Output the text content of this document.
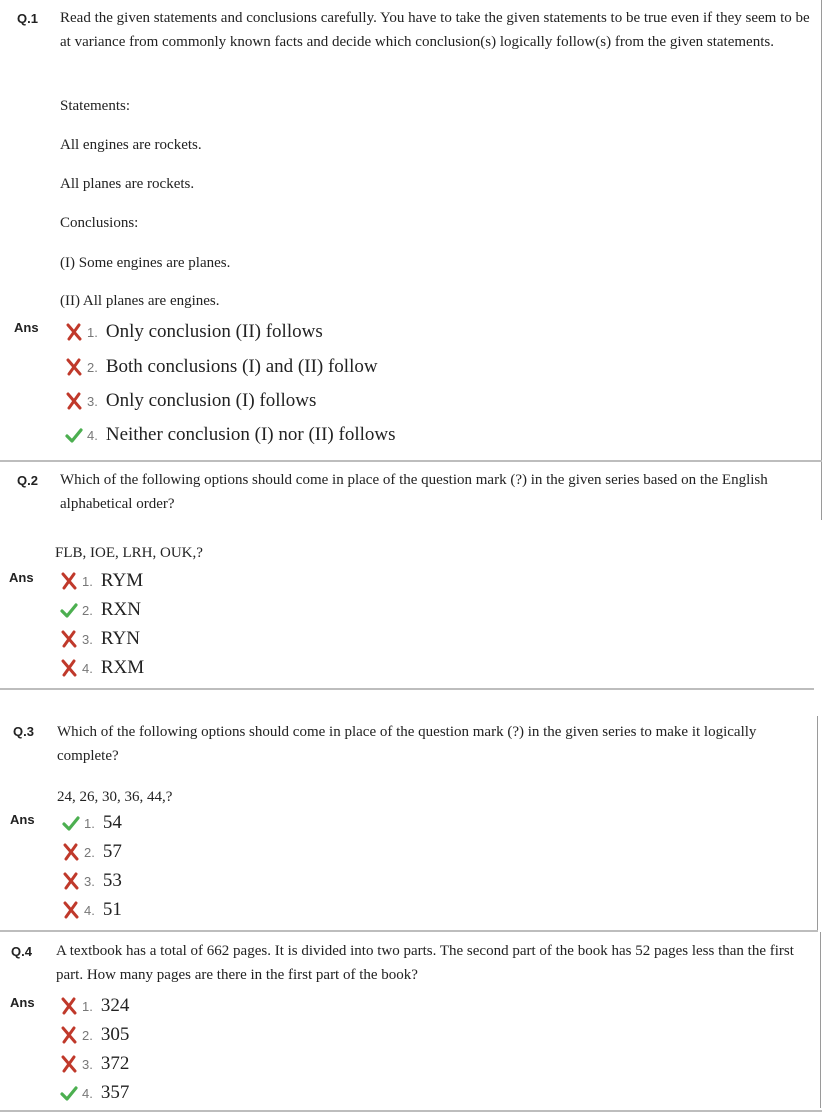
Q.1 Read the given statements and conclusions carefully. You have to take the given statements to be true even if they seem to be at variance from commonly known facts and decide which conclusion(s) logically follow(s) from the given statements.
Statements:
All engines are rockets.
All planes are rockets.
Conclusions:
(I) Some engines are planes.
(II) All planes are engines.
Ans	1. Only conclusion (II) follows
2. Both conclusions (I) and (II) follow
3. Only conclusion (I) follows
4. Neither conclusion (I) nor (II) follows
Q.2 Which of the following options should come in place of the question mark (?) in the given series based on the English alphabetical order?
FLB, IOE, LRH, OUK,?
Ans	1. RYM
2. RXN
3. RYN
4. RXM
Q.3 Which of the following options should come in place of the question mark (?) in the given series to make it logically complete?
24, 26, 30, 36, 44,?
Ans	1. 54
2. 57
3. 53
4. 51
Q.4 A textbook has a total of 662 pages. It is divided into two parts. The second part of the book has 52 pages less than the first part. How many pages are there in the first part of the book?
Ans	1. 324
2. 305
3. 372
4. 357
